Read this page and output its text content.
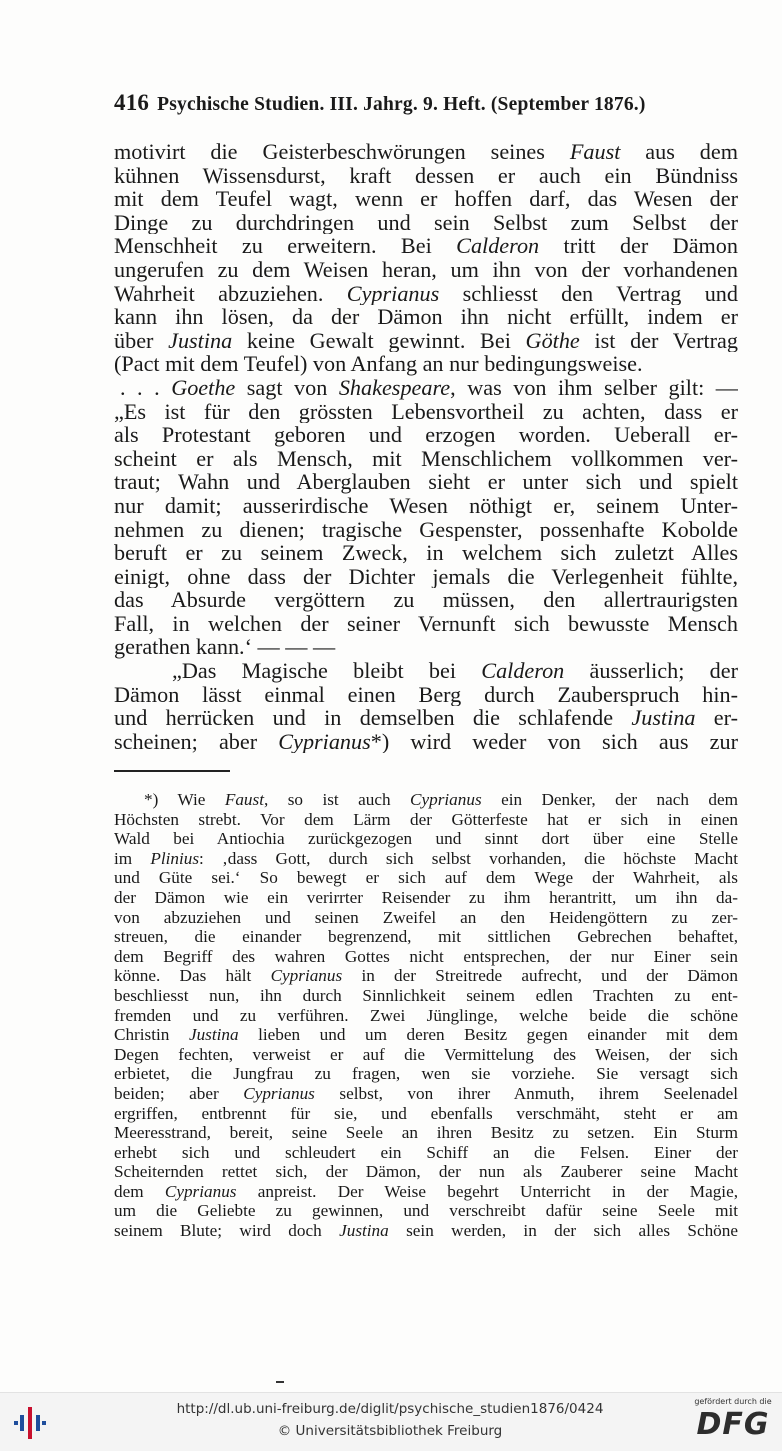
416 Psychische Studien. III. Jahrg. 9. Heft. (September 1876.)
motivirt die Geisterbeschwörungen seines Faust aus dem
kühnen Wissensdurst, kraft dessen er auch ein Bündniss
mit dem Teufel wagt, wenn er hoffen darf, das Wesen der
Dinge zu durchdringen und sein Selbst zum Selbst der
Menschheit zu erweitern. Bei Calderon tritt der Dämon
ungerufen zu dem Weisen heran, um ihn von der vorhandenen
Wahrheit abzuziehen. Cyprianus schliesst den Vertrag und
kann ihn lösen, da der Dämon ihn nicht erfüllt, indem er
über Justina keine Gewalt gewinnt. Bei Göthe ist der Vertrag
(Pact mit dem Teufel) von Anfang an nur bedingungsweise.
. . . Goethe sagt von Shakespeare, was von ihm selber gilt: —
„Es ist für den grössten Lebensvortheil zu achten, dass er
als Protestant geboren und erzogen worden. Ueberall er-
scheint er als Mensch, mit Menschlichem vollkommen ver-
traut; Wahn und Aberglauben sieht er unter sich und spielt
nur damit; ausserirdische Wesen nöthigt er, seinem Unter-
nehmen zu dienen; tragische Gespenster, possenhafte Kobolde
beruft er zu seinem Zweck, in welchem sich zuletzt Alles
einigt, ohne dass der Dichter jemals die Verlegenheit fühlte,
das Absurde vergöttern zu müssen, den allertraurigsten
Fall, in welchen der seiner Vernunft sich bewusste Mensch
gerathen kann.‘ — — —
„Das Magische bleibt bei Calderon äusserlich; der
Dämon lässt einmal einen Berg durch Zauberspruch hin-
und herrücken und in demselben die schlafende Justina er-
scheinen; aber Cyprianus*) wird weder von sich aus zur
*) Wie Faust, so ist auch Cyprianus ein Denker, der nach dem
Höchsten strebt. Vor dem Lärm der Götterfeste hat er sich in einen
Wald bei Antiochia zurückgezogen und sinnt dort über eine Stelle
im Plinius: ‚dass Gott, durch sich selbst vorhanden, die höchste Macht
und Güte sei.‘ So bewegt er sich auf dem Wege der Wahrheit, als
der Dämon wie ein verirrter Reisender zu ihm herantritt, um ihn da-
von abzuziehen und seinen Zweifel an den Heidengöttern zu zer-
streuen, die einander begrenzend, mit sittlichen Gebrechen behaftet,
dem Begriff des wahren Gottes nicht entsprechen, der nur Einer sein
könne. Das hält Cyprianus in der Streitrede aufrecht, und der Dämon
beschliesst nun, ihn durch Sinnlichkeit seinem edlen Trachten zu ent-
fremden und zu verführen. Zwei Jünglinge, welche beide die schöne
Christin Justina lieben und um deren Besitz gegen einander mit dem
Degen fechten, verweist er auf die Vermittelung des Weisen, der sich
erbietet, die Jungfrau zu fragen, wen sie vorziehe. Sie versagt sich
beiden; aber Cyprianus selbst, von ihrer Anmuth, ihrem Seelenadel
ergriffen, entbrennt für sie, und ebenfalls verschmäht, steht er am
Meeresstrand, bereit, seine Seele an ihren Besitz zu setzen. Ein Sturm
erhebt sich und schleudert ein Schiff an die Felsen. Einer der
Scheiternden rettet sich, der Dämon, der nun als Zauberer seine Macht
dem Cyprianus anpreist. Der Weise begehrt Unterricht in der Magie,
um die Geliebte zu gewinnen, und verschreibt dafür seine Seele mit
seinem Blute; wird doch Justina sein werden, in der sich alles Schöne
http://dl.ub.uni-freiburg.de/diglit/psychische_studien1876/0424
© Universitätsbibliothek Freiburg
gefördert durch die
DFG
